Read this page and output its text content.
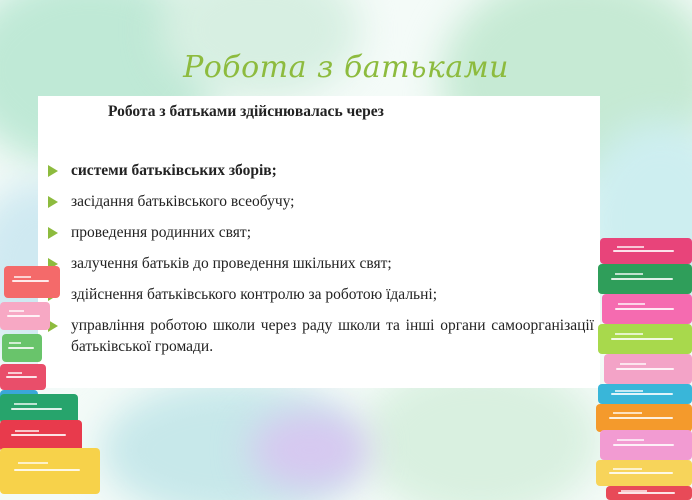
Робота з батьками
Робота з батьками здійснювалась через
системи батьківських зборів;
засідання батьківського всеобучу;
проведення родинних свят;
залучення батьків до проведення шкільних свят;
здійснення батьківського контролю за роботою їдальні;
управління роботою школи через раду школи та інші органи самоорганізації батьківської громади.
